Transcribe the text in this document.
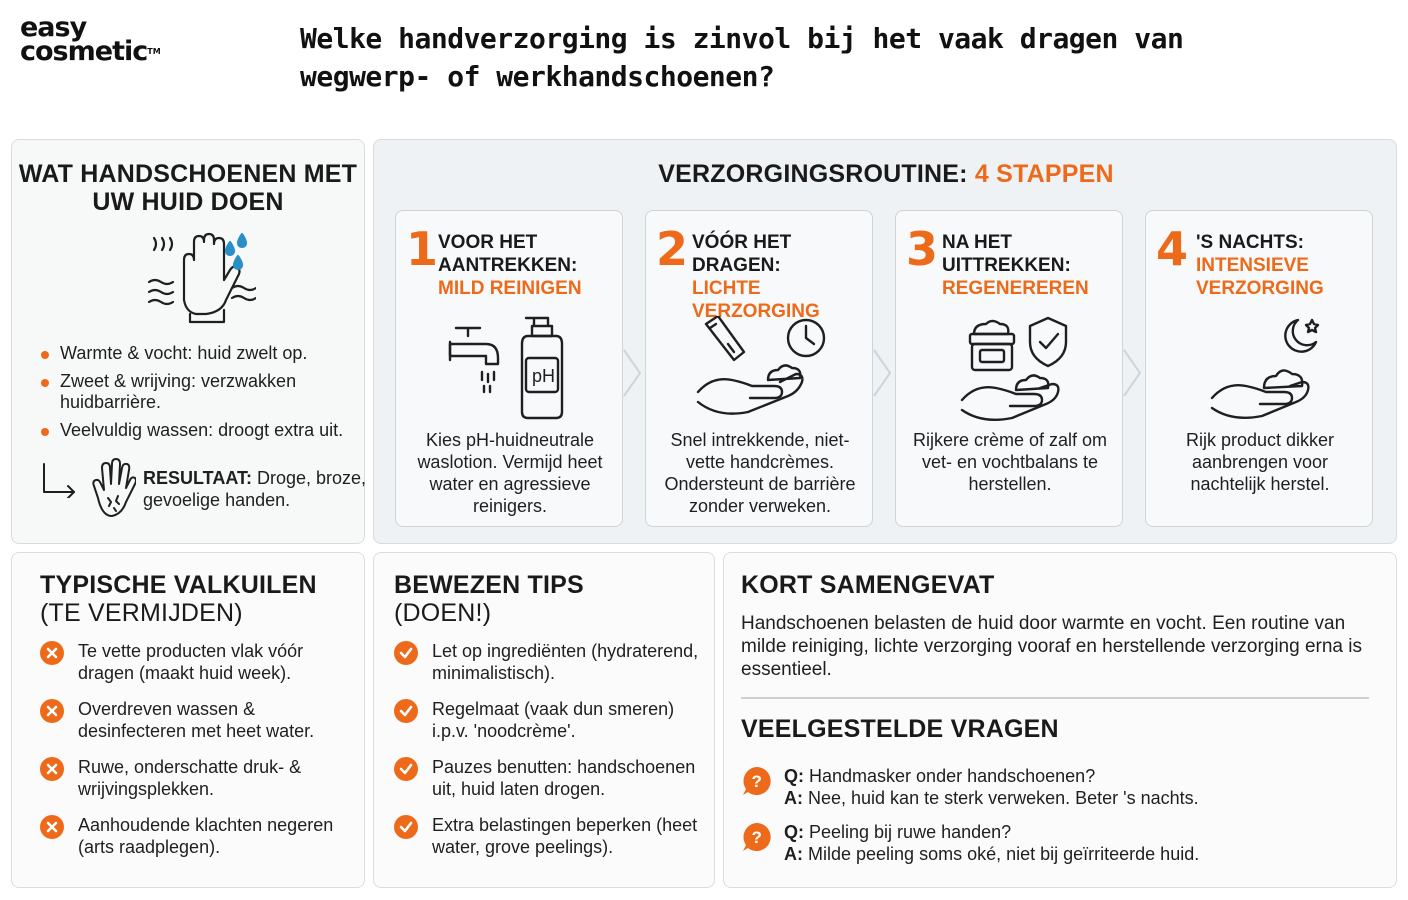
easy
cosmetic™	Welke handverzorging is zinvol bij het vaak dragen van wegwerp- of werkhandschoenen?
WAT HANDSCHOENEN MET UW HUID DOEN
Warmte & vocht: huid zwelt op.
Zweet & wrijving: verzwakken huidbarrière.
Veelvuldig wassen: droogt extra uit.
RESULTAAT: Droge, broze, gevoelige handen.
VERZORGINGSROUTINE: 4 STAPPEN
1 VOOR HET
AANTREKKEN:
MILD REINIGEN
pH
Kies pH-huidneutrale waslotion. Vermijd heet water en agressieve reinigers.
2 VÓÓR HET
DRAGEN:
LICHTE
VERZORGING
Snel intrekkende, niet-vette handcrèmes. Ondersteunt de barrière zonder verweken.
3 NA HET
UITTREKKEN:
REGENEREREN
Rijkere crème of zalf om vet- en vochtbalans te herstellen.
4 'S NACHTS:
INTENSIEVE
VERZORGING
Rijk product dikker aanbrengen voor nachtelijk herstel.
TYPISCHE VALKUILEN
(TE VERMIJDEN)
Te vette producten vlak vóór dragen (maakt huid week).
Overdreven wassen & desinfecteren met heet water.
Ruwe, onderschatte druk- & wrijvingsplekken.
Aanhoudende klachten negeren (arts raadplegen).
BEWEZEN TIPS
(DOEN!)
Let op ingrediënten (hydraterend, minimalistisch).
Regelmaat (vaak dun smeren) i.p.v. 'noodcrème'.
Pauzes benutten: handschoenen uit, huid laten drogen.
Extra belastingen beperken (heet water, grove peelings).
KORT SAMENGEVAT
Handschoenen belasten de huid door warmte en vocht. Een routine van milde reiniging, lichte verzorging vooraf en herstellende verzorging erna is essentieel.
VEELGESTELDE VRAGEN
? Q: Handmasker onder handschoenen?
A: Nee, huid kan te sterk verweken. Beter 's nachts.
? Q: Peeling bij ruwe handen?
A: Milde peeling soms oké, niet bij geïrriteerde huid.
